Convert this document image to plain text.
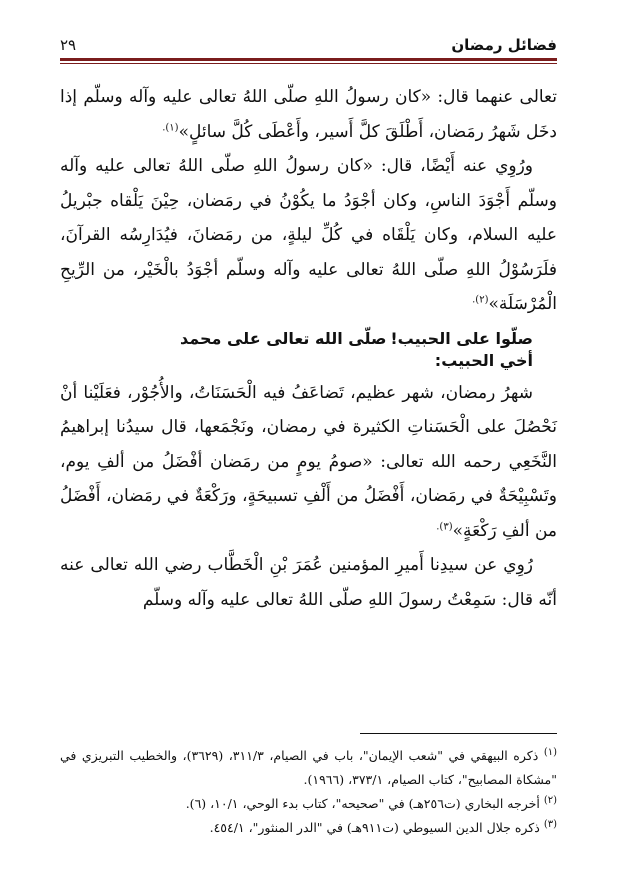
فضائل رمضان
٢٩

تعالى عنهما قال: «كان رسولُ اللهِ صلّى اللهُ تعالى عليه وآله وسلّم إذا دخَل شَهرُ رمَضان، أَطْلَقَ كلَّ أَسير، وأَعْطَى كُلَّ سائلٍ»$^{(١).}$

ورُوِي عنه أَيْضًا، قال: «كان رسولُ اللهِ صلّى اللهُ تعالى عليه وآله وسلّم أَجْوَدَ الناسِ، وكان أجْوَدُ ما يكُوْنُ في رمَضان، حِيْنَ يَلْقاه جبْريلُ عليه السلام، وكان يَلْقَاه في كُلِّ ليلةٍ، من رمَضانَ، فيُدَارِسُه القرآنَ، فلَرَسُوْلُ اللهِ صلّى اللهُ تعالى عليه وآله وسلّم أجْوَدُ بالْخَيْر، من الرِّيحِ الْمُرْسَلَة»$^{(٢).}$

صلّوا على الحبيب!
صلّى الله تعالى على محمد
أخي الحبيب:

شهرُ رمضان، شهر عظيم، تَضاعَفُ فيه الْحَسَنَاتُ، والأُجُوْر، فعَلَيْنا أنْ نَحْصُلَ على الْحَسَناتِ الكثيرة في رمضان، ونَجْمَعها، قال سيدُنا إبراهيمُ النَّخَعِي رحمه الله تعالى: «صومُ يومٍ من رمَضان أفْضَلُ من ألفِ يوم، وتَسْبِيْحَةٌ في رمَضان، أَفْضَلُ من أَلْفِ تسبيحَةٍ، ورَكْعَةٌ في رمَضان، أَفْضَلُ من ألفِ رَكْعَةٍ»$^{(٣).}$

رُوِي عن سيدِنا أَميرِ المؤمنين عُمَرَ بْنِ الْخَطَّاب رضي الله تعالى عنه أنّه قال: سَمِعْتُ رسولَ اللهِ صلّى اللهُ تعالى عليه وآله وسلّم

$^{(١)}$ ذكره البيهقي في "شعب الإيمان"، باب في الصيام، ٣١١/٣، (٣٦٢٩)، والخطيب التبريزي في "مشكاة المصابيح"، كتاب الصيام، ٣٧٣/١، (١٩٦٦).

$^{(٢)}$ أخرجه البخاري (ت٢٥٦هـ) في "صحيحه"، كتاب بدء الوحي، ١٠/١، (٦).

$^{(٣)}$ ذكره جلال الدين السيوطي (ت٩١١هـ) في "الدر المنثور"، ٤٥٤/١.
